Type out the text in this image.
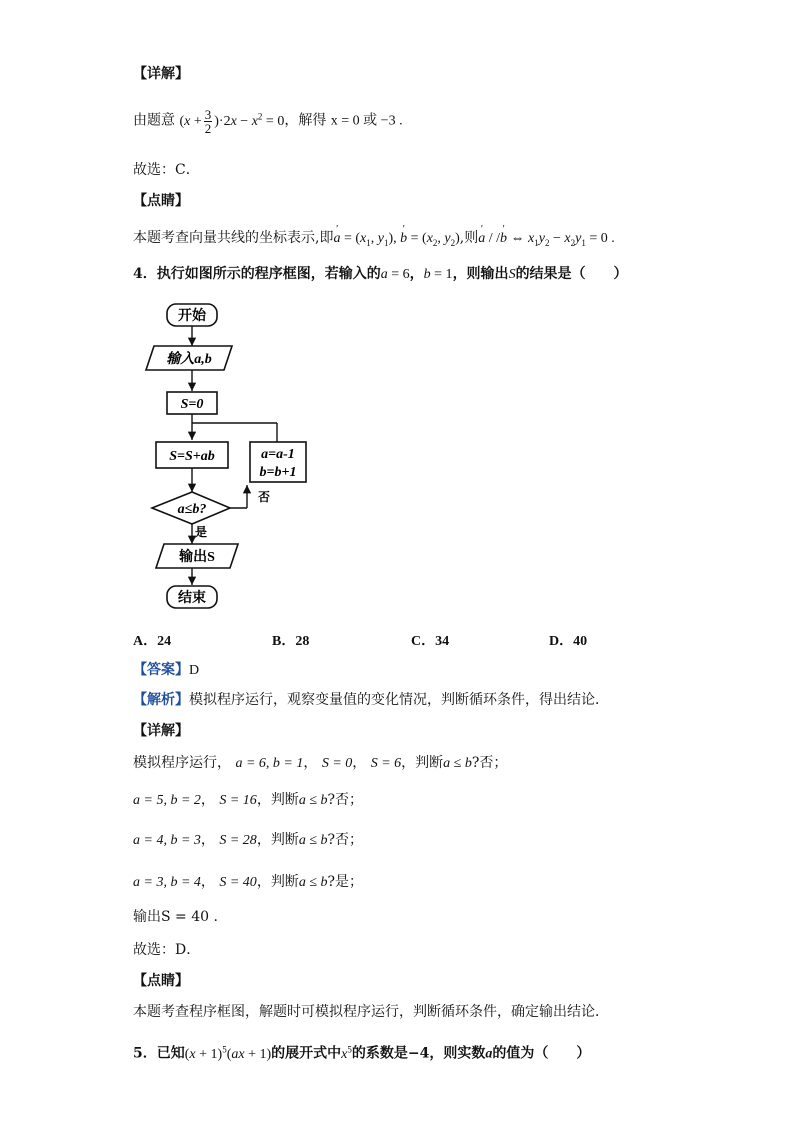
【详解】
由题意 $(x + \frac{3}{2} )\cdot 2x - x^2 = 0$，解得 x = 0 或 −3 .
故选：C．
【点睛】
本题考查向量共线的坐标表示,即' $a = (x_1$, $y_1$), ' $b = (x_2$, $y_2$),则' a / /' b ⇔ $x_1y_2 - x_2y_1 = 0$ .
4．执行如图所示的程序框图，若输入的a = 6，b = 1，则输出S的结果是（　　）
开始
输入a,b
S=0
S=S+ab	a=a-1
b=b+1
a≤b?
否
是
输出S
结束
A．24	B．28	C．34	D．40
【答案】D
【解析】模拟程序运行，观察变量值的变化情况，判断循环条件，得出结论．
【详解】
模拟程序运行， a = 6, b = 1， S = 0， S = 6，判断a ≤ b?否；
a = 5, b = 2， S = 16，判断a ≤ b?否；
a = 4, b = 3， S = 28，判断a ≤ b?否；
a = 3, b = 4， S = 40，判断a ≤ b?是；
输出S = 40 .
故选：D．
【点睛】
本题考查程序框图，解题时可模拟程序运行，判断循环条件，确定输出结论．
5．已知$(x + 1)^5(ax + 1)$的展开式中$x^5$的系数是−4，则实数a的值为（　　）
